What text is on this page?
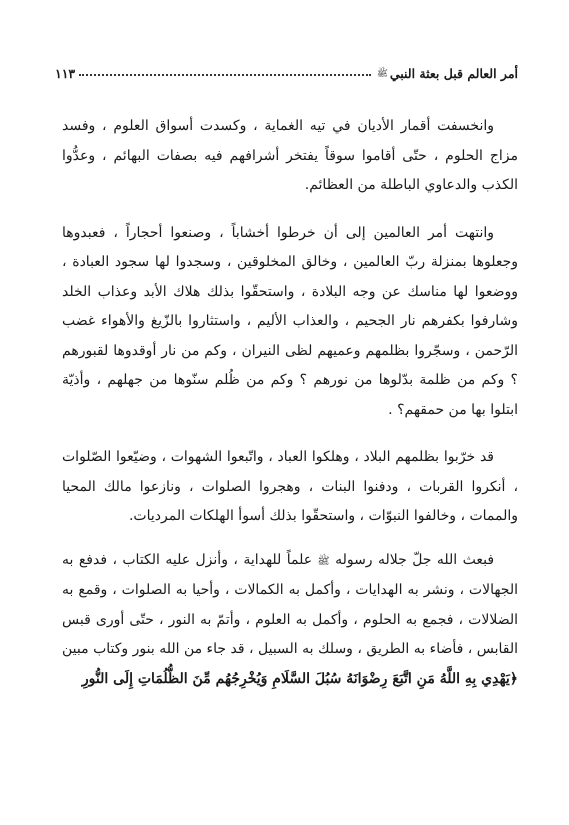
أمر العالم قبل بعثة النبي
ﷺ
١١٣

وانخسفت أقمار الأديان في تيه الغماية ، وكسدت أسواق العلوم ، وفسد مزاج الحلوم ، حتّى أقاموا سوقاً يفتخر أشرافهم فيه بصفات البهائم ، وعدُّوا الكذب والدعاوي الباطلة من العظائم.

وانتهت أمر العالمين إلى أن خرطوا أخشاباً ، وصنعوا أحجاراً ، فعبدوها وجعلوها بمنزلة ربّ العالمين ، وخالق المخلوقين ، وسجدوا لها سجود العبادة ، ووضعوا لها مناسك عن وجه البلادة ، واستحقّوا بذلك هلاك الأبد وعذاب الخلد وشارفوا بكفرهم نار الجحيم ، والعذاب الأليم ، واستثاروا بالزّيغ والأهواء غضب الرّحمن ، وسجّروا بظلمهم وعميهم لظى النيران ، وكم من نار أوقدوها لقبورهم ؟ وكم من ظلمة بدّلوها من نورهم ؟ وكم من ظُلم سنّوها من جهلهم ، وأذيّة ابتلوا بها من حمقهم؟ .

قد خرّبوا بظلمهم البلاد ، وهلكوا العباد ، واتّبعوا الشهوات ، وضيّعوا الصّلوات ، أنكروا القربات ، ودفنوا البنات ، وهجروا الصلوات ، ونازعوا مالك المحيا والممات ، وخالفوا النبوّات ، واستحقّوا بذلك أسوأ الهلكات المرديات.

فبعث الله جلّ جلاله رسوله ﷺ علماً للهداية ، وأنزل عليه الكتاب ، فدفع به الجهالات ، ونشر به الهدايات ، وأكمل به الكمالات ، وأحيا به الصلوات ، وقمع به الضلالات ، فجمع به الحلوم ، وأكمل به العلوم ، وأتمّ به النور ، حتّى أورى قبس القابس ، فأضاء به الطريق ، وسلك به السبيل ، قد جاء من الله بنور وكتاب مبين ﴿يَهْدِي بِهِ اللَّهُ مَنِ اتَّبَعَ رِضْوَانَهُ سُبُلَ السَّلَامِ وَيُخْرِجُهُم مِّنَ الظُّلُمَاتِ إِلَى النُّورِ
